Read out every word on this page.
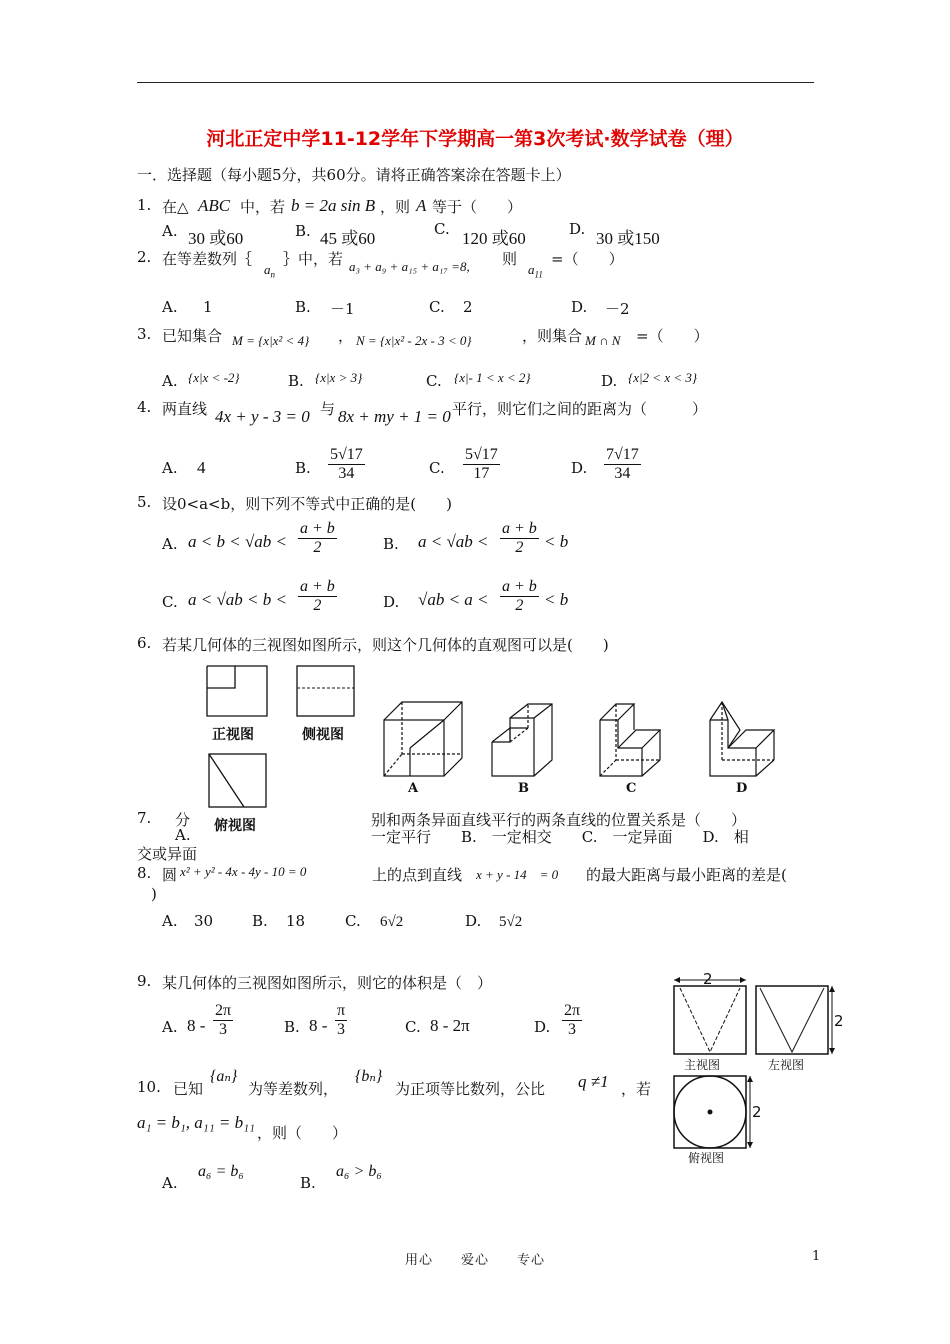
河北正定中学11-12学年下学期高一第3次考试·数学试卷（理）
一．选择题（每小题5分，共60分。请将正确答案涂在答题卡上）
1. 在△ ABC 中，若 b = 2a sin B ，则 A 等于（　　）
A. 30 或60	B. 45 或60	C. 120 或60	D. 30 或150
2. 在等差数列｛
$a_n$
｝中，若 a₃ + a₉ + a₁₅ + a₁₇ =8, 则
$a_{11}$
=（　　）
A. 1	B. －1	C. 2	D. －2
3. 已知集合 M = {x|x² < 4} ， N = {x|x² - 2x - 3 < 0}	，则集合 M ∩ N =（　　）
A. {x|x < -2}	B. {x|x > 3}	C. {x|- 1 < x < 2}	D. {x|2 < x < 3}
4. 两直线 4x + y - 3 = 0 与 8x + my + 1 = 0 平行，则它们之间的距离为（　　　）
A. 4	B. $\frac{5√17}{34}$	C. $\frac{5√17}{17}$	D. $\frac{7√17}{34}$
5. 设0<a<b，则下列不等式中正确的是(　　)
A. $a < b < √ab < \frac{a + b}{2}$	B. $a < √ab < \frac{a + b}{2} < b$
C. $a < √ab < b < \frac{a + b}{2}$	D. $√ab < a < \frac{a + b}{2} < b$
6. 若某几何体的三视图如图所示，则这个几何体的直观图可以是(　　)
正视图	侧视图
俯视图
A	B	C	D
7. 分	别和两条异面直线平行的两条直线的位置关系是（　　）
A.	一定平行　　B.　一定相交　　C.　一定异面　　D.　相
交或异面
8. 圆 x² + y² - 4x - 4y - 10 = 0	上的点到直线 x + y - 14　= 0 的最大距离与最小距离的差是(
)
A. 30	B. 18	C. 6√2	D. 5√2
9. 某几何体的三视图如图所示，则它的体积是（　）
A. $8 - \frac{2\pi}{3}$	B. $8 - \frac{\pi}{3}$	C. 8 - 2π	D. $\frac{2\pi}{3}$
2
2
2
主视图	左视图
俯视图
10. 已知
{aₙ}
为等差数列，
{bₙ}
为正项等比数列，公比 q ≠1 ，若
a₁ = b₁, a₁₁ = b₁₁
，则（　　）
A.
a₆ = b₆
B.
a₆ > b₆
用心　　爱心　　专心	1
